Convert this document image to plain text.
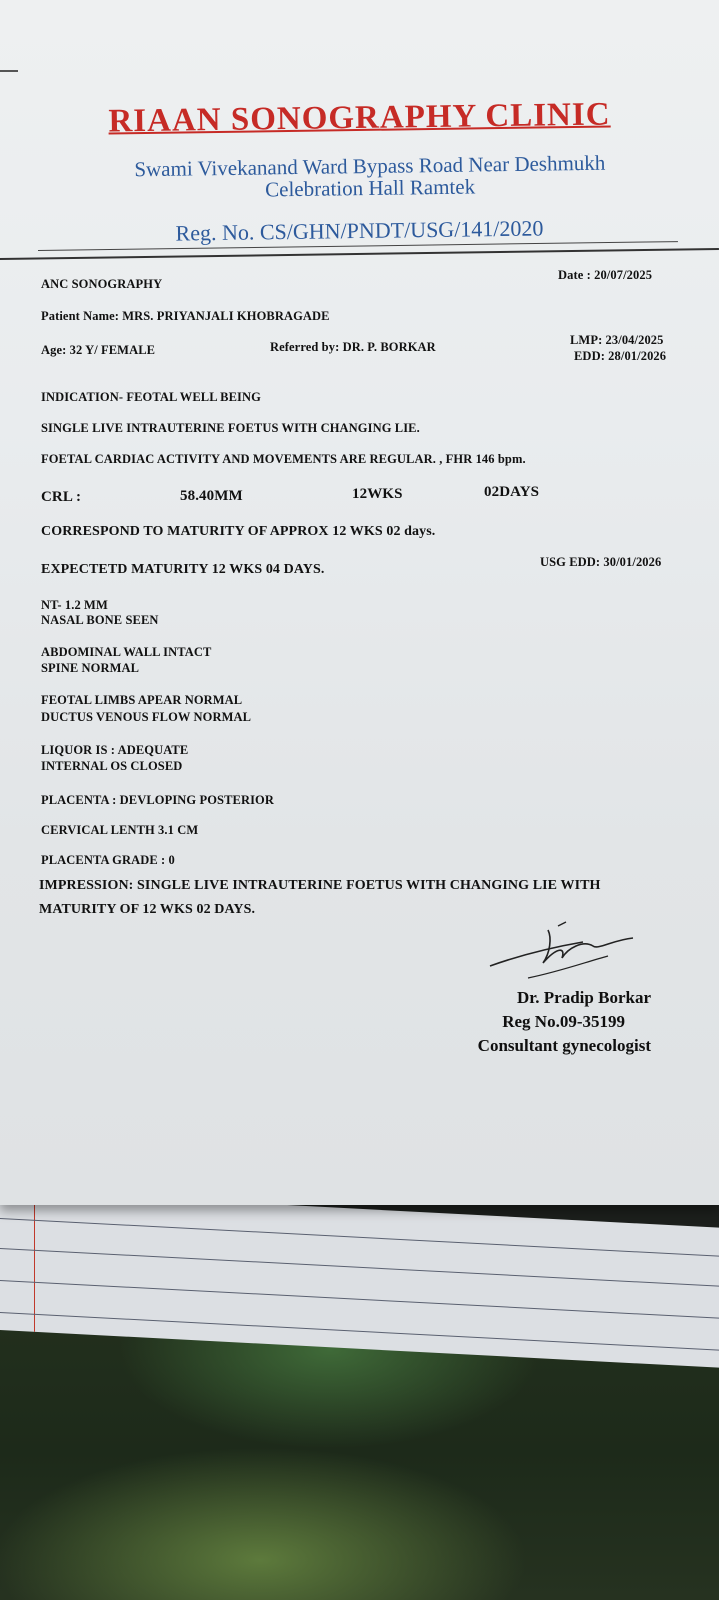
RIAAN SONOGRAPHY CLINIC
Swami Vivekanand Ward Bypass Road Near Deshmukh
Celebration Hall Ramtek
Reg. No. CS/GHN/PNDT/USG/141/2020
ANC SONOGRAPHY
Date : 20/07/2025
Patient Name: MRS. PRIYANJALI KHOBRAGADE
Age: 32 Y/ FEMALE	Referred by: DR. P. BORKAR	LMP: 23/04/2025
EDD: 28/01/2026
INDICATION- FEOTAL WELL BEING
SINGLE LIVE INTRAUTERINE FOETUS WITH CHANGING LIE.
FOETAL CARDIAC ACTIVITY AND MOVEMENTS ARE REGULAR. , FHR 146 bpm.
CRL :	58.40MM	12WKS	02DAYS
CORRESPOND TO MATURITY OF APPROX 12 WKS 02 days.
EXPECTETD MATURITY 12 WKS 04 DAYS.	USG EDD: 30/01/2026
NT- 1.2 MM
NASAL BONE SEEN
ABDOMINAL WALL INTACT
SPINE NORMAL
FEOTAL LIMBS APEAR NORMAL
DUCTUS VENOUS FLOW NORMAL
LIQUOR IS : ADEQUATE
INTERNAL OS CLOSED
PLACENTA : DEVLOPING POSTERIOR
CERVICAL LENTH 3.1 CM
PLACENTA GRADE : 0
IMPRESSION: SINGLE LIVE INTRAUTERINE FOETUS WITH CHANGING LIE WITH
MATURITY OF 12 WKS 02 DAYS.
Dr. Pradip Borkar
Reg No.09-35199
Consultant gynecologist
